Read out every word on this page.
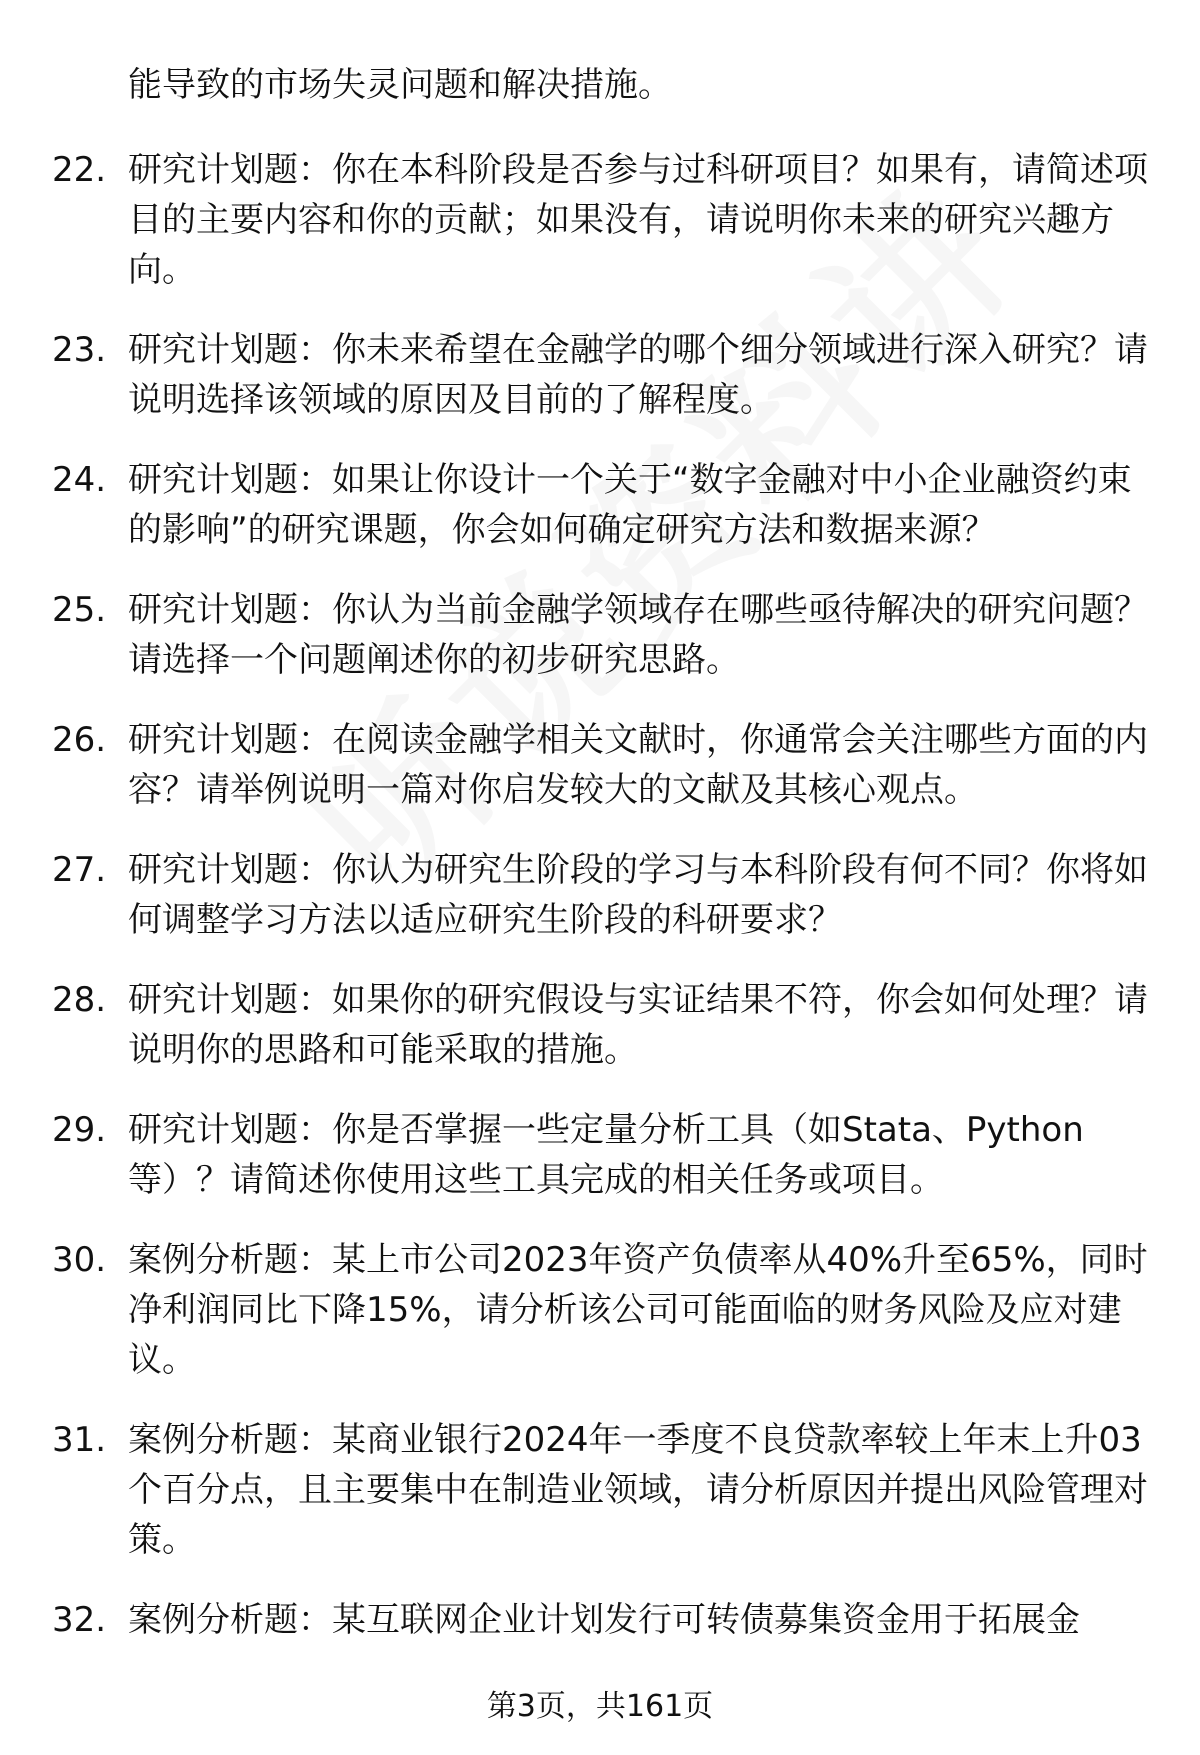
能导致的市场失灵问题和解决措施。
22. 研究计划题：你在本科阶段是否参与过科研项目？如果有，请简述项目的主要内容和你的贡献；如果没有，请说明你未来的研究兴趣方向。
23. 研究计划题：你未来希望在金融学的哪个细分领域进行深入研究？请说明选择该领域的原因及目前的了解程度。
24. 研究计划题：如果让你设计一个关于“数字金融对中小企业融资约束的影响”的研究课题，你会如何确定研究方法和数据来源？
25. 研究计划题：你认为当前金融学领域存在哪些亟待解决的研究问题？请选择一个问题阐述你的初步研究思路。
26. 研究计划题：在阅读金融学相关文献时，你通常会关注哪些方面的内容？请举例说明一篇对你启发较大的文献及其核心观点。
27. 研究计划题：你认为研究生阶段的学习与本科阶段有何不同？你将如何调整学习方法以适应研究生阶段的科研要求？
28. 研究计划题：如果你的研究假设与实证结果不符，你会如何处理？请说明你的思路和可能采取的措施。
29. 研究计划题：你是否掌握一些定量分析工具（如Stata、Python等）？请简述你使用这些工具完成的相关任务或项目。
30. 案例分析题：某上市公司2023年资产负债率从40%升至65%，同时净利润同比下降15%，请分析该公司可能面临的财务风险及应对建议。
31. 案例分析题：某商业银行2024年一季度不良贷款率较上年末上升03个百分点，且主要集中在制造业领域，请分析原因并提出风险管理对策。
32. 案例分析题：某互联网企业计划发行可转债募集资金用于拓展金
第3页，共161页
